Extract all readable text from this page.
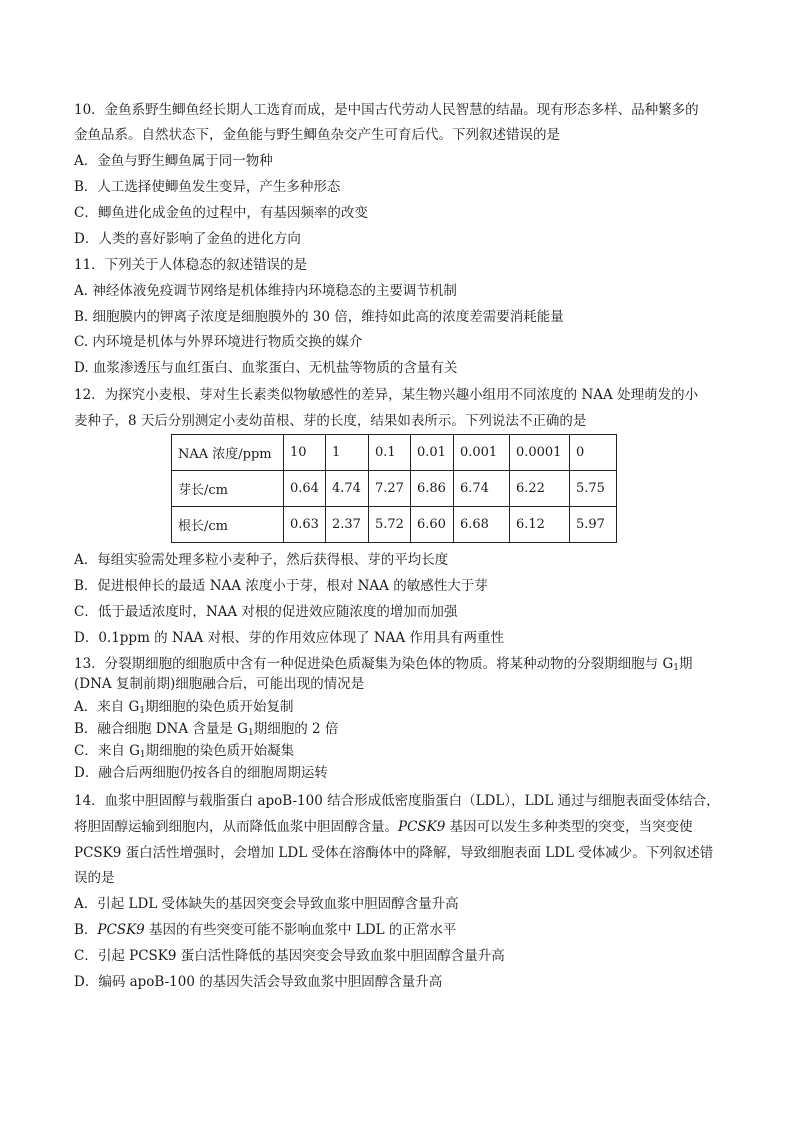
10．金鱼系野生鲫鱼经长期人工选育而成，是中国古代劳动人民智慧的结晶。现有形态多样、品种繁多的
金鱼品系。自然状态下，金鱼能与野生鲫鱼杂交产生可育后代。下列叙述错误的是
A．金鱼与野生鲫鱼属于同一物种
B．人工选择使鲫鱼发生变异，产生多种形态
C．鲫鱼进化成金鱼的过程中，有基因频率的改变
D．人类的喜好影响了金鱼的进化方向
11．下列关于人体稳态的叙述错误的是
A. 神经体液免疫调节网络是机体维持内环境稳态的主要调节机制
B. 细胞膜内的钾离子浓度是细胞膜外的 30 倍，维持如此高的浓度差需要消耗能量
C. 内环境是机体与外界环境进行物质交换的媒介
D. 血浆渗透压与血红蛋白、血浆蛋白、无机盐等物质的含量有关
12．为探究小麦根、芽对生长素类似物敏感性的差异，某生物兴趣小组用不同浓度的 NAA 处理萌发的小
麦种子，8 天后分别测定小麦幼苗根、芽的长度，结果如表所示。下列说法不正确的是
NAA 浓度/ppm	10	1	0.1	0.01	0.001	0.0001	0
芽长/cm	0.64	4.74	7.27	6.86	6.74	6.22	5.75
根长/cm	0.63	2.37	5.72	6.60	6.68	6.12	5.97
A．每组实验需处理多粒小麦种子，然后获得根、芽的平均长度
B．促进根伸长的最适 NAA 浓度小于芽，根对 NAA 的敏感性大于芽
C．低于最适浓度时，NAA 对根的促进效应随浓度的增加而加强
D．0.1ppm 的 NAA 对根、芽的作用效应体现了 NAA 作用具有两重性
13．分裂期细胞的细胞质中含有一种促进染色质凝集为染色体的物质。将某种动物的分裂期细胞与 $G_1$期
(DNA 复制前期)细胞融合后，可能出现的情况是
A．来自 $G_1$期细胞的染色质开始复制
B．融合细胞 DNA 含量是 $G_1$期细胞的 2 倍
C．来自 $G_1$期细胞的染色质开始凝集
D．融合后两细胞仍按各自的细胞周期运转
14．血浆中胆固醇与载脂蛋白 apoB-100 结合形成低密度脂蛋白（LDL），LDL 通过与细胞表面受体结合，
将胆固醇运输到细胞内，从而降低血浆中胆固醇含量。PCSK9 基因可以发生多种类型的突变，当突变使
PCSK9 蛋白活性增强时，会增加 LDL 受体在溶酶体中的降解，导致细胞表面 LDL 受体减少。下列叙述错
误的是
A．引起 LDL 受体缺失的基因突变会导致血浆中胆固醇含量升高
B．PCSK9 基因的有些突变可能不影响血浆中 LDL 的正常水平
C．引起 PCSK9 蛋白活性降低的基因突变会导致血浆中胆固醇含量升高
D．编码 apoB-100 的基因失活会导致血浆中胆固醇含量升高
